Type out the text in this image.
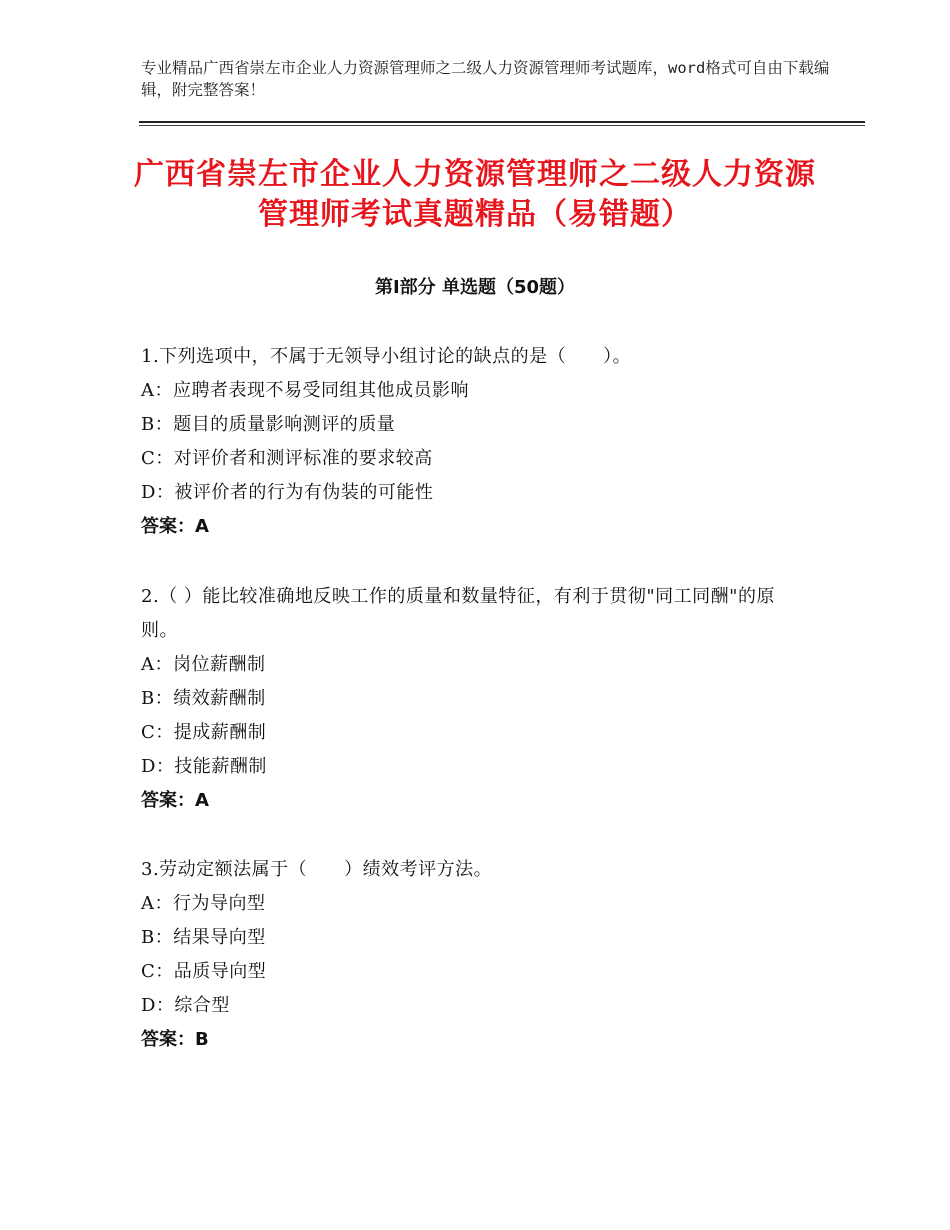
专业精品广西省崇左市企业人力资源管理师之二级人力资源管理师考试题库，word格式可自由下载编辑，附完整答案！
广西省崇左市企业人力资源管理师之二级人力资源管理师考试真题精品（易错题）
第Ⅰ部分 单选题（50题）
1.下列选项中，不属于无领导小组讨论的缺点的是（　　）。
A：应聘者表现不易受同组其他成员影响
B：题目的质量影响测评的质量
C：对评价者和测评标准的要求较高
D：被评价者的行为有伪装的可能性
答案：A
2.（ ）能比较准确地反映工作的质量和数量特征，有利于贯彻"同工同酬"的原则。
A：岗位薪酬制
B：绩效薪酬制
C：提成薪酬制
D：技能薪酬制
答案：A
3.劳动定额法属于（　　）绩效考评方法。
A：行为导向型
B：结果导向型
C：品质导向型
D：综合型
答案：B
